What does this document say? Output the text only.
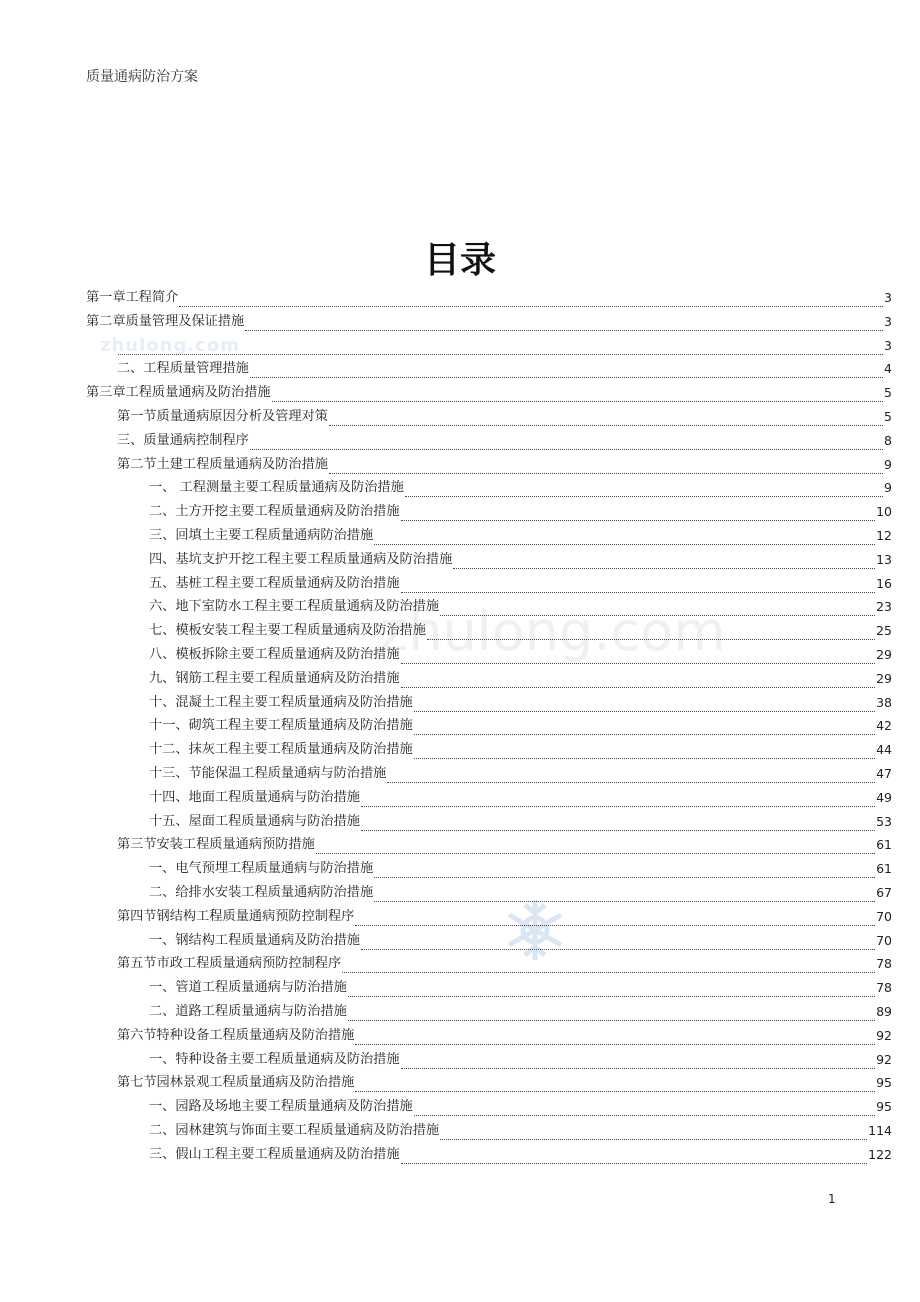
质量通病防治方案
zhulong.com
zhulong.com
目录
第一章工程简介	3
第二章质量管理及保证措施	3
3
二、工程质量管理措施	4
第三章工程质量通病及防治措施	5
第一节质量通病原因分析及管理对策	5
三、质量通病控制程序	8
第二节土建工程质量通病及防治措施	9
一、 工程测量主要工程质量通病及防治措施	9
二、土方开挖主要工程质量通病及防治措施	10
三、回填土主要工程质量通病防治措施	12
四、基坑支护开挖工程主要工程质量通病及防治措施	13
五、基桩工程主要工程质量通病及防治措施	16
六、地下室防水工程主要工程质量通病及防治措施	23
七、模板安装工程主要工程质量通病及防治措施	25
八、模板拆除主要工程质量通病及防治措施	29
九、钢筋工程主要工程质量通病及防治措施	29
十、混凝土工程主要工程质量通病及防治措施	38
十一、砌筑工程主要工程质量通病及防治措施	42
十二、抹灰工程主要工程质量通病及防治措施	44
十三、节能保温工程质量通病与防治措施	47
十四、地面工程质量通病与防治措施	49
十五、屋面工程质量通病与防治措施	53
第三节安装工程质量通病预防措施	61
一、电气预埋工程质量通病与防治措施	61
二、给排水安装工程质量通病防治措施	67
第四节钢结构工程质量通病预防控制程序	70
一、钢结构工程质量通病及防治措施	70
第五节市政工程质量通病预防控制程序	78
一、管道工程质量通病与防治措施	78
二、道路工程质量通病与防治措施	89
第六节特种设备工程质量通病及防治措施	92
一、特种设备主要工程质量通病及防治措施	92
第七节园林景观工程质量通病及防治措施	95
一、园路及场地主要工程质量通病及防治措施	95
二、园林建筑与饰面主要工程质量通病及防治措施	114
三、假山工程主要工程质量通病及防治措施	122
1
